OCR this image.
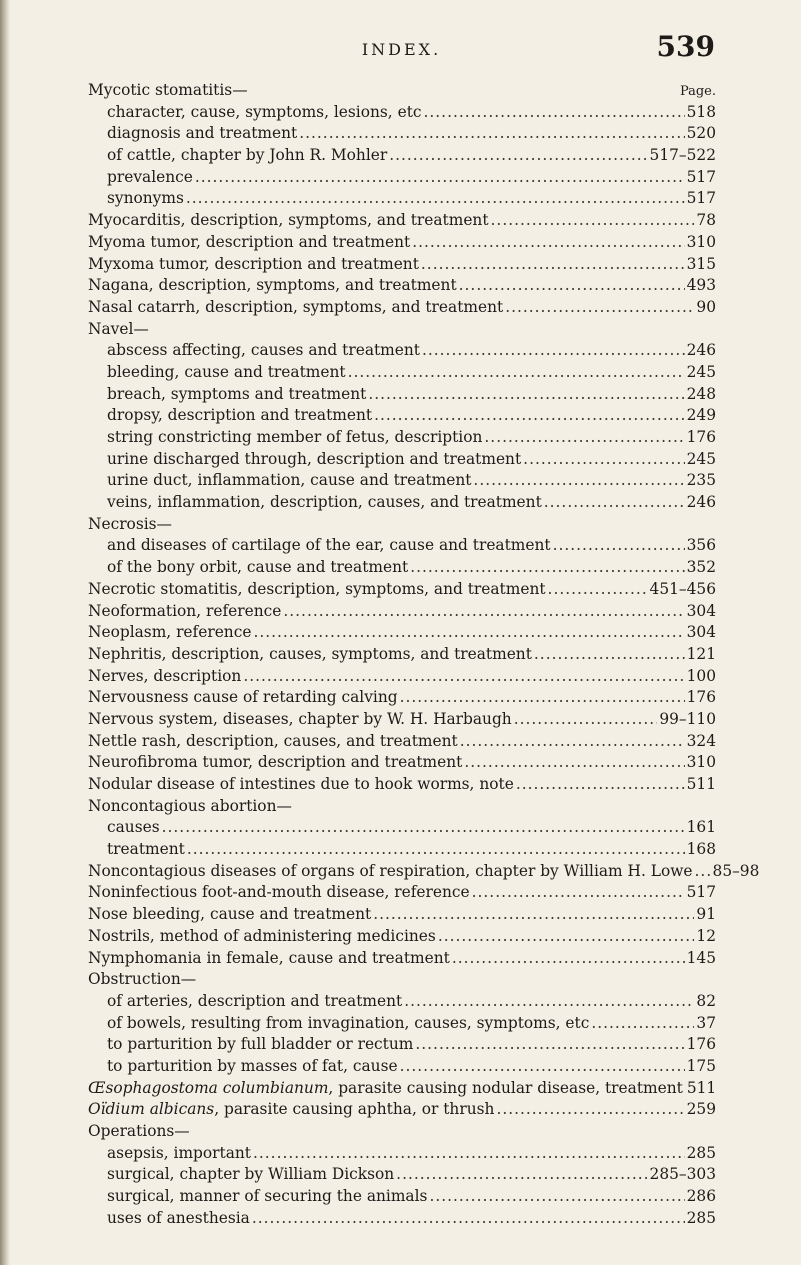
INDEX.	539
Mycotic stomatitis—	Page.
character, cause, symptoms, lesions, etc .....	518
diagnosis and treatment .....	520
of cattle, chapter by John R. Mohler .....	517–522
prevalence .....	517
synonyms .....	517
Myocarditis, description, symptoms, and treatment .....	78
Myoma tumor, description and treatment .....	310
Myxoma tumor, description and treatment .....	315
Nagana, description, symptoms, and treatment .....	493
Nasal catarrh, description, symptoms, and treatment .....	90
Navel—
abscess affecting, causes and treatment .....	246
bleeding, cause and treatment .....	245
breach, symptoms and treatment .....	248
dropsy, description and treatment .....	249
string constricting member of fetus, description .....	176
urine discharged through, description and treatment .....	245
urine duct, inflammation, cause and treatment .....	235
veins, inflammation, description, causes, and treatment .....	246
Necrosis—
and diseases of cartilage of the ear, cause and treatment .....	356
of the bony orbit, cause and treatment .....	352
Necrotic stomatitis, description, symptoms, and treatment .....	451–456
Neoformation, reference .....	304
Neoplasm, reference .....	304
Nephritis, description, causes, symptoms, and treatment .....	121
Nerves, description .....	100
Nervousness cause of retarding calving .....	176
Nervous system, diseases, chapter by W. H. Harbaugh .....	99–110
Nettle rash, description, causes, and treatment .....	324
Neurofibroma tumor, description and treatment .....	310
Nodular disease of intestines due to hook worms, note .....	511
Noncontagious abortion—
causes .....	161
treatment .....	168
Noncontagious diseases of organs of respiration, chapter by William H. Lowe ..... 85–98
Noninfectious foot-and-mouth disease, reference .....	517
Nose bleeding, cause and treatment .....	91
Nostrils, method of administering medicines .....	12
Nymphomania in female, cause and treatment .....	145
Obstruction—
of arteries, description and treatment .....	82
of bowels, resulting from invagination, causes, symptoms, etc .....	37
to parturition by full bladder or rectum .....	176
to parturition by masses of fat, cause .....	175
Œsophagostoma columbianum, parasite causing nodular disease, treatment 511
Oïdium albicans, parasite causing aphtha, or thrush .....	259
Operations—
asepsis, important .....	285
surgical, chapter by William Dickson .....	285–303
surgical, manner of securing the animals .....	286
uses of anesthesia .....	285
